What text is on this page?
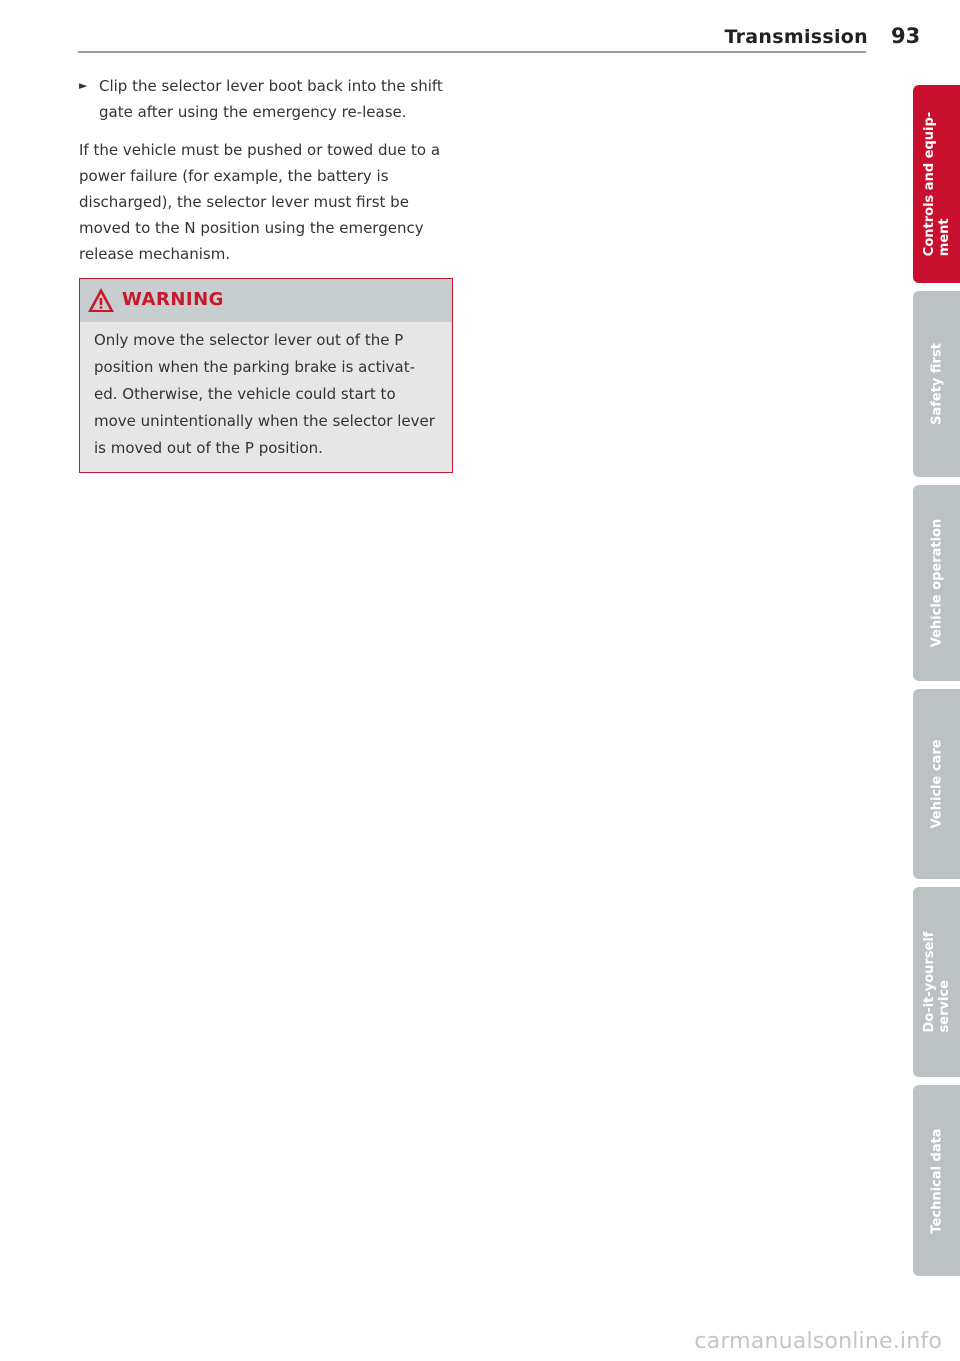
Transmission 93

► Clip the selector lever boot back into the shift gate after using the emergency re-lease.

If the vehicle must be pushed or towed due to a power failure (for example, the battery is discharged), the selector lever must first be moved to the N position using the emergency release mechanism.

WARNING
Only move the selector lever out of the P position when the parking brake is activat-ed. Otherwise, the vehicle could start to move unintentionally when the selector lever is moved out of the P position.
Controls and equip-
ment
Safety first
Vehicle operation
Vehicle care
Do-it-yourself
service
Technical data
carmanualsonline.info
